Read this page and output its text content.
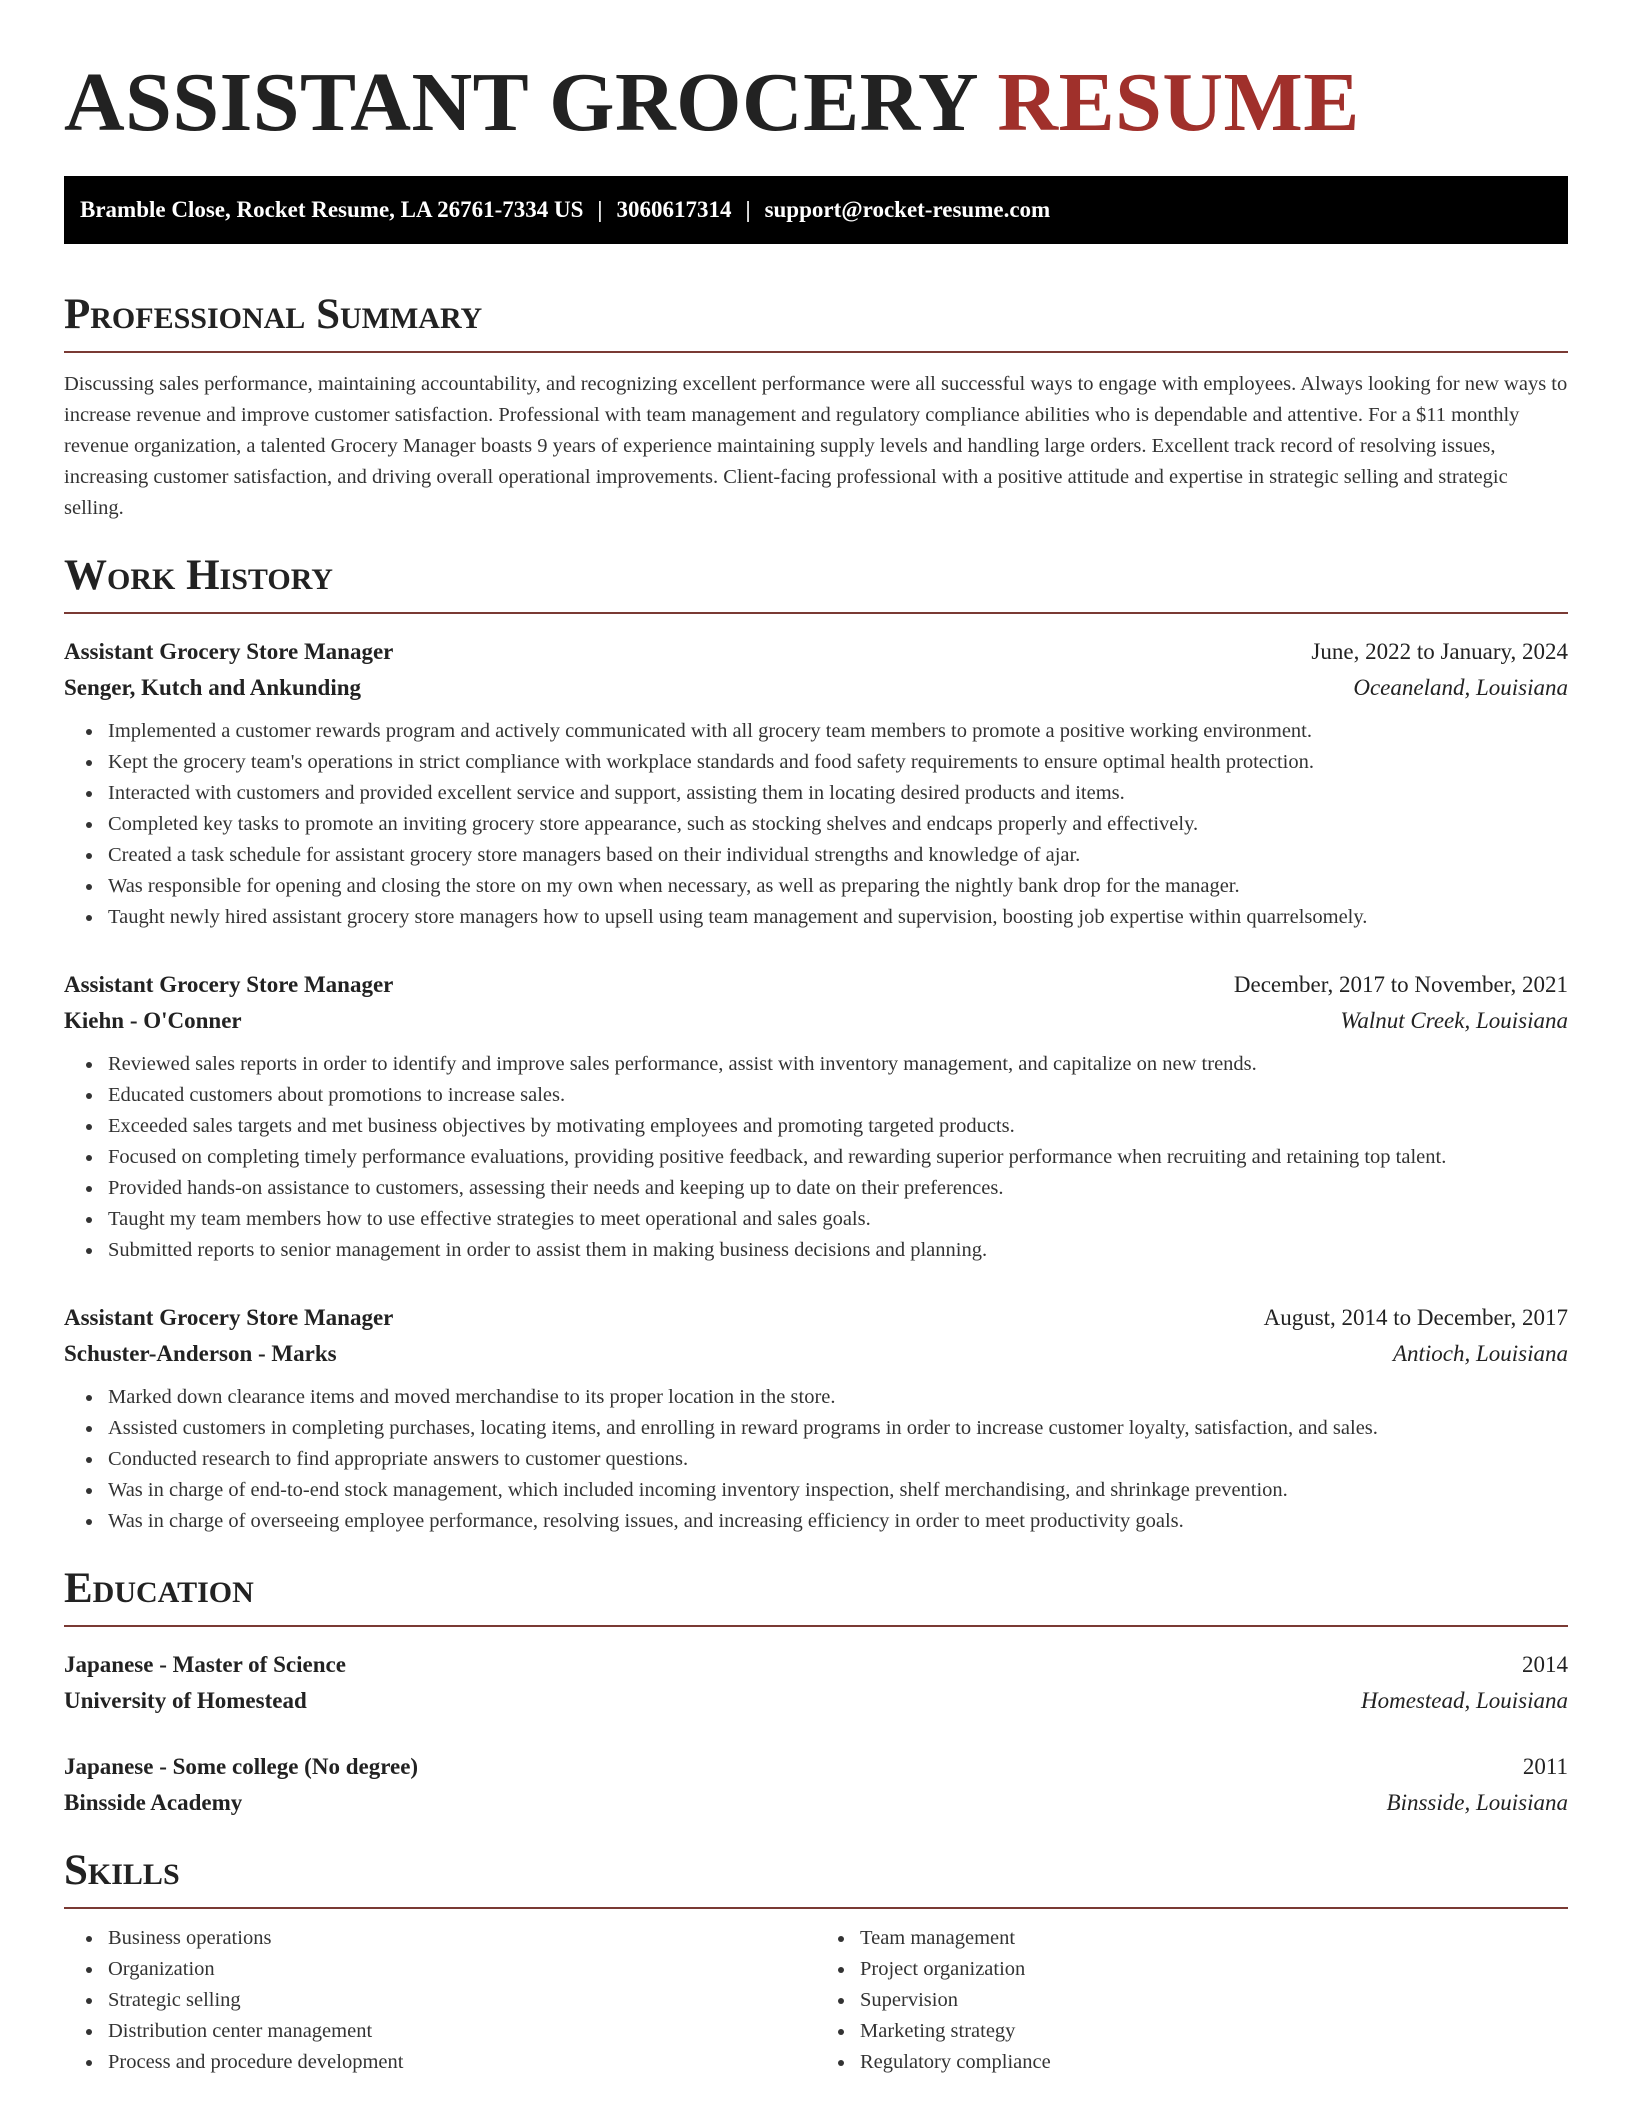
ASSISTANT GROCERY RESUME
Bramble Close, Rocket Resume, LA 26761-7334 US | 3060617314 | support@rocket-resume.com
Professional Summary

Discussing sales performance, maintaining accountability, and recognizing excellent performance were all successful ways to engage with employees. Always looking for new ways to increase revenue and improve customer satisfaction. Professional with team management and regulatory compliance abilities who is dependable and attentive. For a $11 monthly revenue organization, a talented Grocery Manager boasts 9 years of experience maintaining supply levels and handling large orders. Excellent track record of resolving issues, increasing customer satisfaction, and driving overall operational improvements. Client-facing professional with a positive attitude and expertise in strategic selling and strategic selling.

Work History
Assistant Grocery Store Manager	June, 2022 to January, 2024
Senger, Kutch and Ankunding	Oceaneland, Louisiana
Implemented a customer rewards program and actively communicated with all grocery team members to promote a positive working environment.
Kept the grocery team's operations in strict compliance with workplace standards and food safety requirements to ensure optimal health protection.
Interacted with customers and provided excellent service and support, assisting them in locating desired products and items.
Completed key tasks to promote an inviting grocery store appearance, such as stocking shelves and endcaps properly and effectively.
Created a task schedule for assistant grocery store managers based on their individual strengths and knowledge of ajar.
Was responsible for opening and closing the store on my own when necessary, as well as preparing the nightly bank drop for the manager.
Taught newly hired assistant grocery store managers how to upsell using team management and supervision, boosting job expertise within quarrelsomely.
Assistant Grocery Store Manager	December, 2017 to November, 2021
Kiehn - O'Conner	Walnut Creek, Louisiana
Reviewed sales reports in order to identify and improve sales performance, assist with inventory management, and capitalize on new trends.
Educated customers about promotions to increase sales.
Exceeded sales targets and met business objectives by motivating employees and promoting targeted products.
Focused on completing timely performance evaluations, providing positive feedback, and rewarding superior performance when recruiting and retaining top talent.
Provided hands-on assistance to customers, assessing their needs and keeping up to date on their preferences.
Taught my team members how to use effective strategies to meet operational and sales goals.
Submitted reports to senior management in order to assist them in making business decisions and planning.
Assistant Grocery Store Manager	August, 2014 to December, 2017
Schuster-Anderson - Marks	Antioch, Louisiana
Marked down clearance items and moved merchandise to its proper location in the store.
Assisted customers in completing purchases, locating items, and enrolling in reward programs in order to increase customer loyalty, satisfaction, and sales.
Conducted research to find appropriate answers to customer questions.
Was in charge of end-to-end stock management, which included incoming inventory inspection, shelf merchandising, and shrinkage prevention.
Was in charge of overseeing employee performance, resolving issues, and increasing efficiency in order to meet productivity goals.
Education
Japanese - Master of Science	2014
University of Homestead	Homestead, Louisiana
Japanese - Some college (No degree)	2011
Binsside Academy	Binsside, Louisiana
Skills
Business operations
Organization
Strategic selling
Distribution center management
Process and procedure development
Team management
Project organization
Supervision
Marketing strategy
Regulatory compliance
